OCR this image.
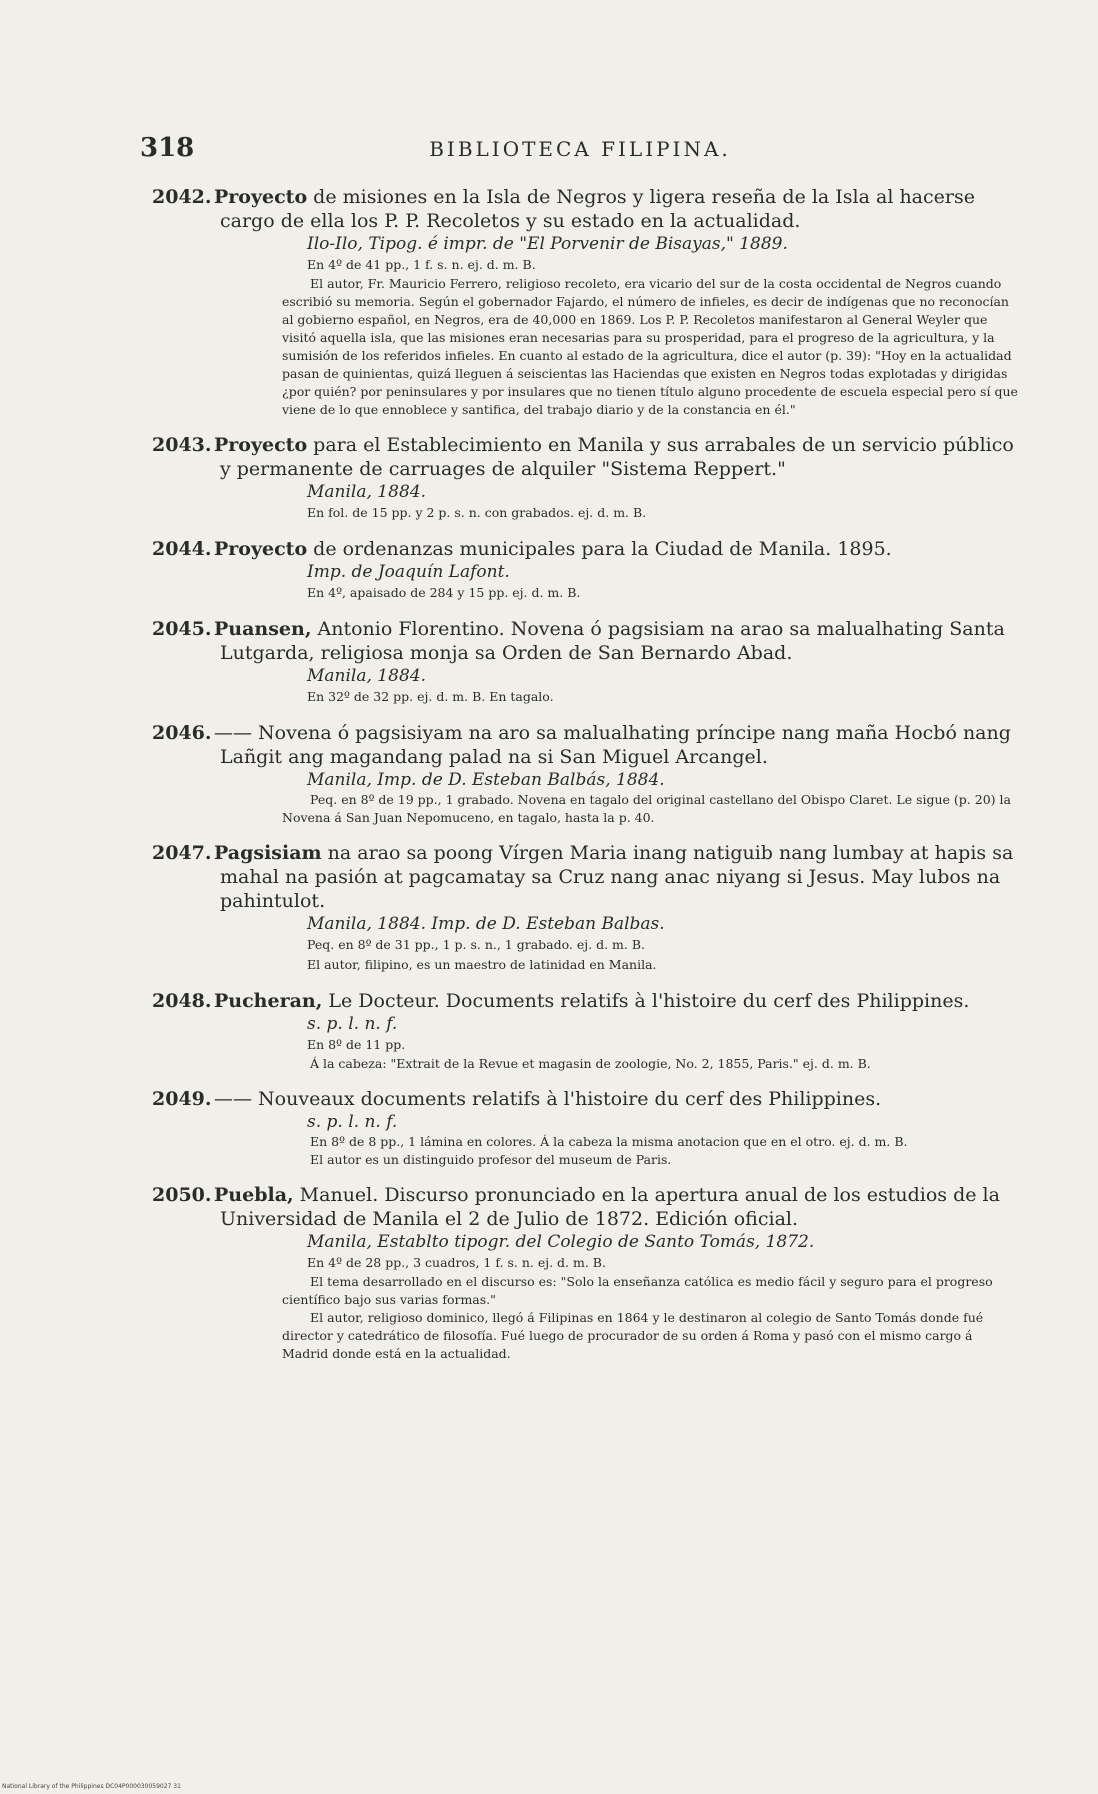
318	BIBLIOTECA FILIPINA.
2042. Proyecto de misiones en la Isla de Negros y ligera reseña de la Isla al hacerse cargo de ella los P. P. Recoletos y su estado en la actualidad.
Ilo-Ilo, Tipog. é impr. de "El Porvenir de Bisayas," 1889.
En 4º de 41 pp., 1 f. s. n. ej. d. m. B.
El autor, Fr. Mauricio Ferrero, religioso recoleto, era vicario del sur de la costa occidental de Negros cuando escribió su memoria. Según el gobernador Fajardo, el número de infieles, es decir de indígenas que no reconocían al gobierno español, en Negros, era de 40,000 en 1869. Los P. P. Recoletos manifestaron al General Weyler que visitó aquella isla, que las misiones eran necesarias para su prosperidad, para el progreso de la agricultura, y la sumisión de los referidos infieles. En cuanto al estado de la agricultura, dice el autor (p. 39): "Hoy en la actualidad pasan de quinientas, quizá lleguen á seiscientas las Haciendas que existen en Negros todas explotadas y dirigidas ¿por quién? por peninsulares y por insulares que no tienen título alguno procedente de escuela especial pero sí que viene de lo que ennoblece y santifica, del trabajo diario y de la constancia en él."
2043. Proyecto para el Establecimiento en Manila y sus arrabales de un servicio público y permanente de carruages de alquiler "Sistema Reppert."
Manila, 1884.
En fol. de 15 pp. y 2 p. s. n. con grabados. ej. d. m. B.
2044. Proyecto de ordenanzas municipales para la Ciudad de Manila. 1895.
Imp. de Joaquín Lafont.
En 4º, apaisado de 284 y 15 pp. ej. d. m. B.
2045. Puansen, Antonio Florentino. Novena ó pagsisiam na arao sa malualhating Santa Lutgarda, religiosa monja sa Orden de San Bernardo Abad.
Manila, 1884.
En 32º de 32 pp. ej. d. m. B. En tagalo.
2046. —— Novena ó pagsisiyam na aro sa malualhating príncipe nang maña Hocbó nang Lañgit ang magandang palad na si San Miguel Arcangel.
Manila, Imp. de D. Esteban Balbás, 1884.
Peq. en 8º de 19 pp., 1 grabado. Novena en tagalo del original castellano del Obispo Claret. Le sigue (p. 20) la Novena á San Juan Nepomuceno, en tagalo, hasta la p. 40.
2047. Pagsisiam na arao sa poong Vírgen Maria inang natiguib nang lumbay at hapis sa mahal na pasión at pagcamatay sa Cruz nang anac niyang si Jesus. May lubos na pahintulot.
Manila, 1884. Imp. de D. Esteban Balbas.
Peq. en 8º de 31 pp., 1 p. s. n., 1 grabado. ej. d. m. B.
El autor, filipino, es un maestro de latinidad en Manila.
2048. Pucheran, Le Docteur. Documents relatifs à l'histoire du cerf des Philippines.
s. p. l. n. f.
En 8º de 11 pp.
Á la cabeza: "Extrait de la Revue et magasin de zoologie, No. 2, 1855, Paris." ej. d. m. B.
2049. —— Nouveaux documents relatifs à l'histoire du cerf des Philippines.
s. p. l. n. f.
En 8º de 8 pp., 1 lámina en colores. Á la cabeza la misma anotacion que en el otro. ej. d. m. B.
El autor es un distinguido profesor del museum de Paris.
2050. Puebla, Manuel. Discurso pronunciado en la apertura anual de los estudios de la Universidad de Manila el 2 de Julio de 1872. Edición oficial.
Manila, Establto tipogr. del Colegio de Santo Tomás, 1872.
En 4º de 28 pp., 3 cuadros, 1 f. s. n. ej. d. m. B.
El tema desarrollado en el discurso es: "Solo la enseñanza católica es medio fácil y seguro para el progreso científico bajo sus varias formas."
El autor, religioso dominico, llegó á Filipinas en 1864 y le destinaron al colegio de Santo Tomás donde fué director y catedrático de filosofía. Fué luego de procurador de su orden á Roma y pasó con el mismo cargo á Madrid donde está en la actualidad.
National Library of the Philippines DC04P000030059027 31
